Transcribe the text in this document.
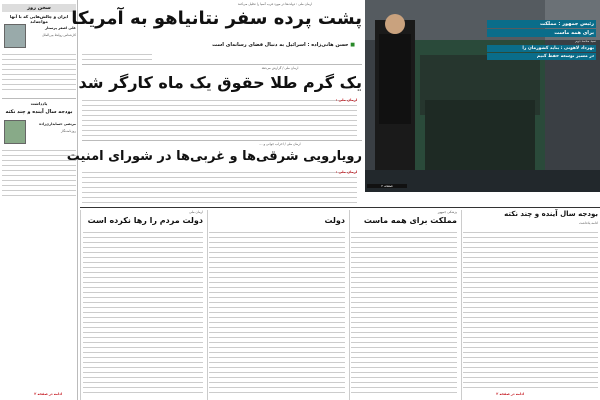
سخن روز
ایران و چالش‌هایی که با آنها مواجه‌اند
علی اصغر پرستار
کارشناس روابط بین‌الملل
یادداشت
بودجه سال آینده و چند نکته
مرتضی حسابداری‌زاده
روزنامه‌نگار
ارمان ملی : دولت‌ها در مورد غرب آسیا را تحلیل می‌کنند
پشت پرده سفر نتانیاهو به آمریکا
■ حسن هانی‌زاده : اسرائیل به دنبال فضای رسانه‌ای است
ارمان ملی / گزارش می‌دهد
یک گرم طلا حقوق یک ماه کارگر شد
ارمان ملی :
ارمان ملی / احزاب جوانی و ...
رویارویی شرقی‌ها و غربی‌ها در شورای امنیت
ارمان ملی :
رئیس جمهور : مملکت
برای همه ماست
سید محمد دوم
بهرداد لاهوتی : بناید کشورمان را
در مسیر توسعه حفظ کنیم
صفحه ۲
ارمان ملی
دولت مردم را رها نکرده است	دولت
پزشکی جمهور
مملکت برای همه ماست
بودجه سال آینده و چند نکته
ادامه یادداشت
ادامه در صفحه ۲
ادامه در صفحه ۲
